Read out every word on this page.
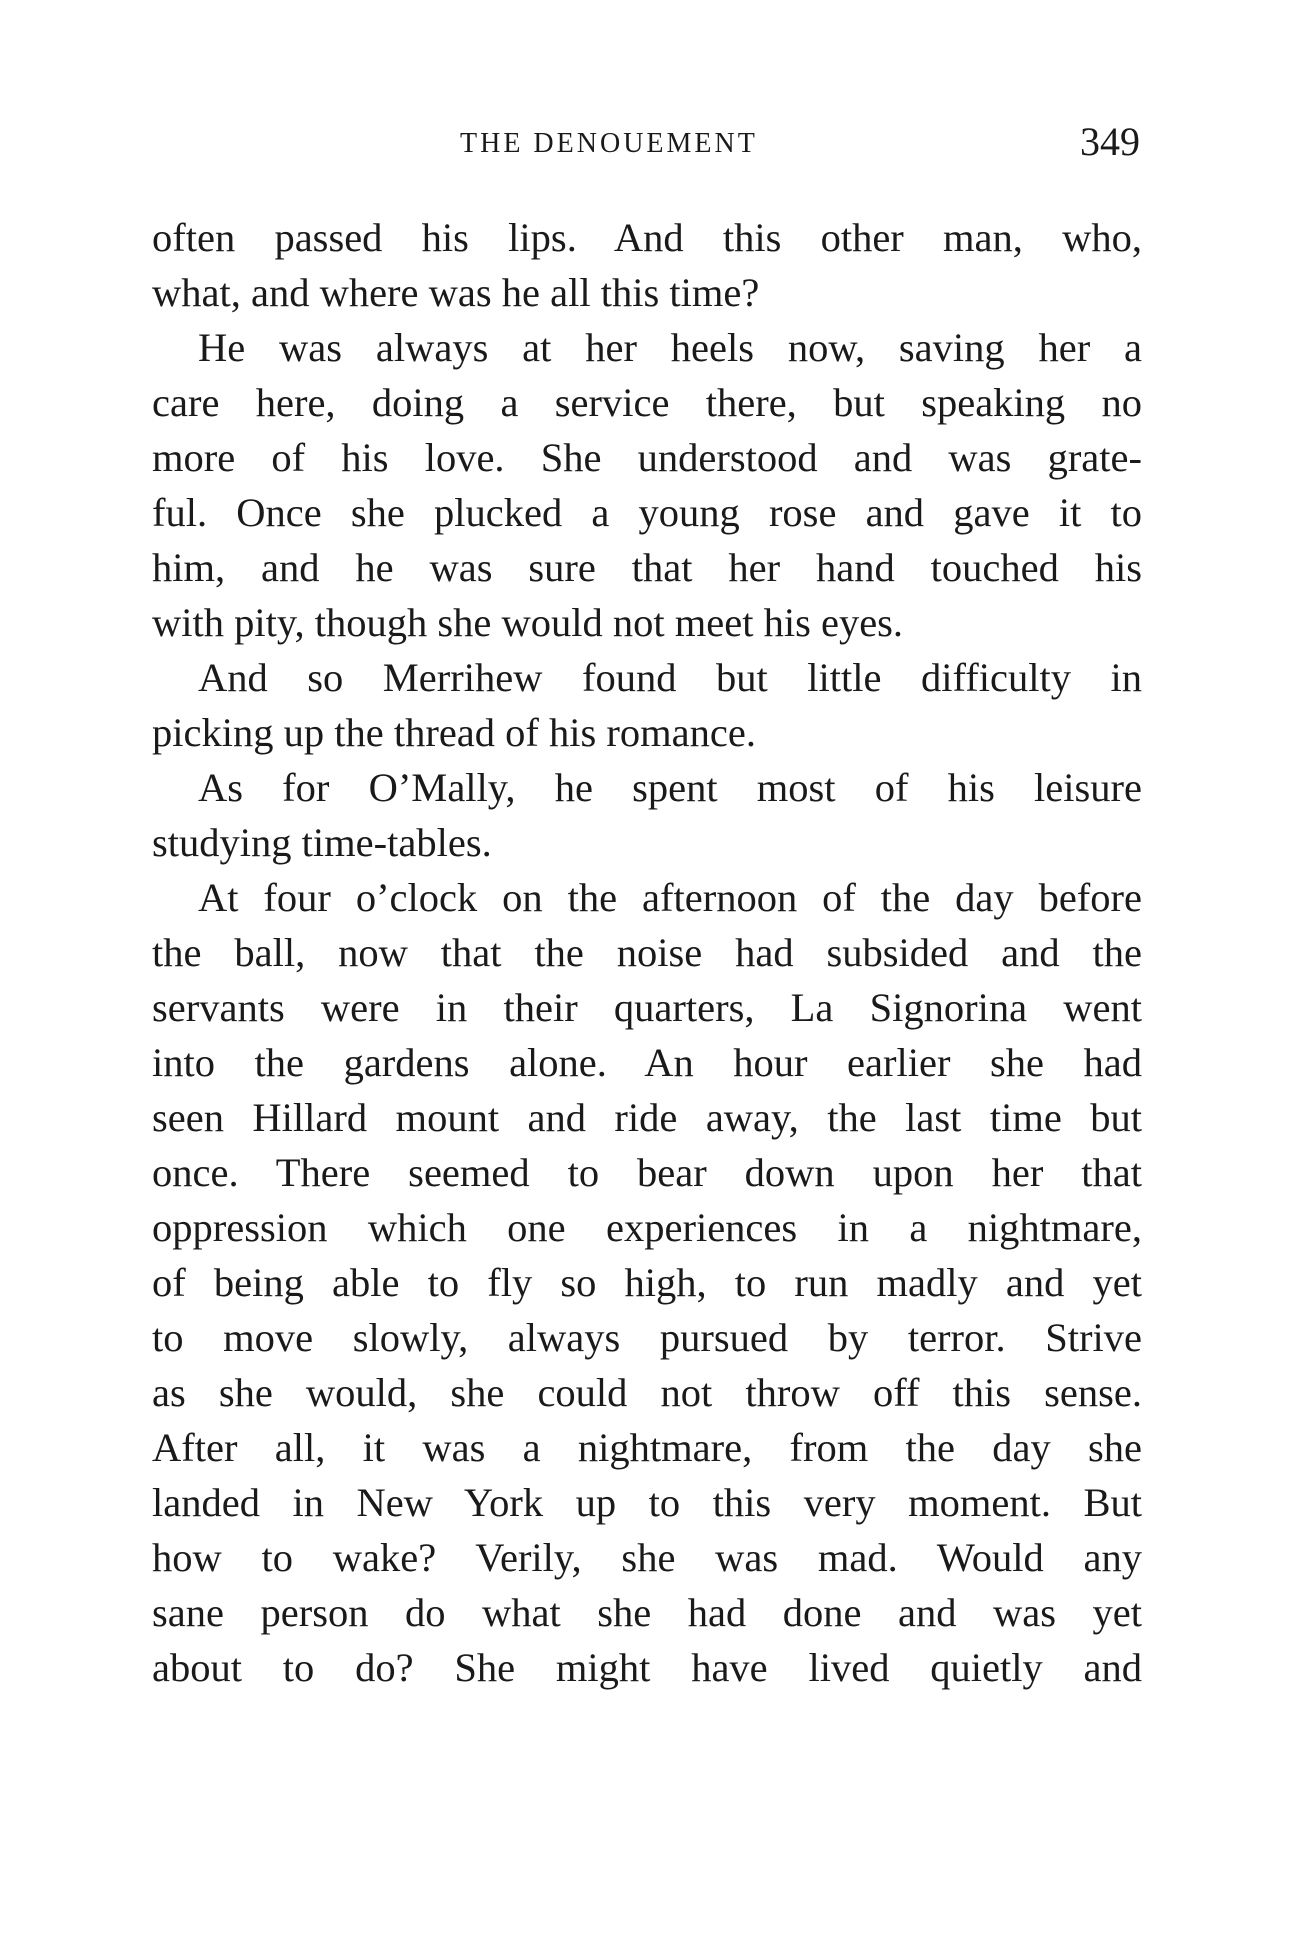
THE DENOUEMENT	349
often passed his lips. And this other man, who,
what, and where was he all this time?
He was always at her heels now, saving her a
care here, doing a service there, but speaking no
more of his love. She understood and was grate-
ful. Once she plucked a young rose and gave it to
him, and he was sure that her hand touched his
with pity, though she would not meet his eyes.
And so Merrihew found but little difficulty in
picking up the thread of his romance.
As for O’Mally, he spent most of his leisure
studying time-tables.
At four o’clock on the afternoon of the day before
the ball, now that the noise had subsided and the
servants were in their quarters, La Signorina went
into the gardens alone. An hour earlier she had
seen Hillard mount and ride away, the last time but
once. There seemed to bear down upon her that
oppression which one experiences in a nightmare,
of being able to fly so high, to run madly and yet
to move slowly, always pursued by terror. Strive
as she would, she could not throw off this sense.
After all, it was a nightmare, from the day she
landed in New York up to this very moment. But
how to wake? Verily, she was mad. Would any
sane person do what she had done and was yet
about to do? She might have lived quietly and
